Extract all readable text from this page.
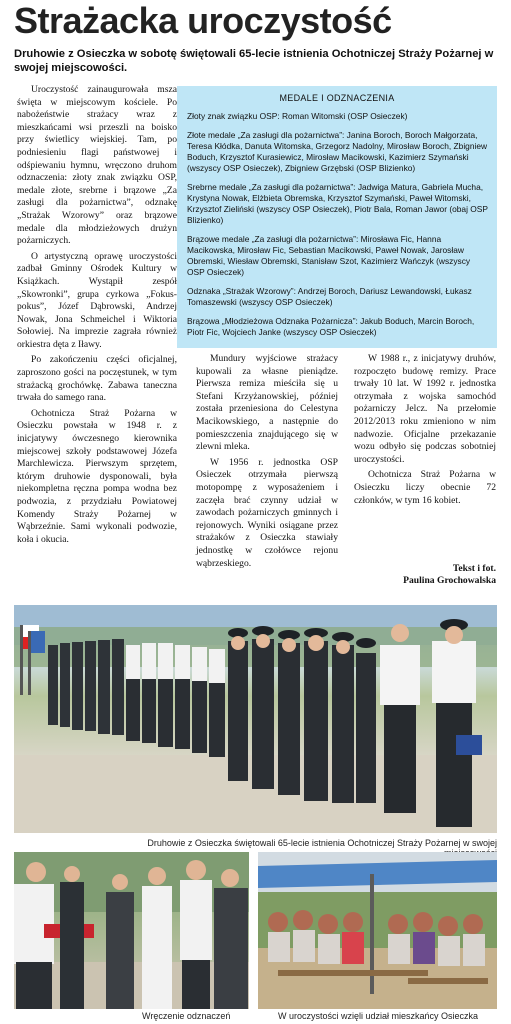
Strażacka uroczystość
Druhowie z Osieczka w sobotę świętowali 65-lecie istnienia Ochotniczej Straży Pożarnej w swojej miejscowości.

Uroczystość zainaugurowała msza święta w miejscowym kościele. Po nabożeństwie strażacy wraz z mieszkańcami wsi przeszli na boisko przy świetlicy wiejskiej. Tam, po podniesieniu flagi państwowej i odśpiewaniu hymnu, wręczono druhom odznaczenia: złoty znak związku OSP, medale złote, srebrne i brązowe „Za zasługi dla pożarnictwa”, odznakę „Strażak Wzorowy” oraz brązowe medale dla młodzieżowych drużyn pożarniczych.

O artystyczną oprawę uroczystości zadbał Gminny Ośrodek Kultury w Książkach. Wystąpił zespół „Skowronki”, grupa cyrkowa „Fokus-pokus”, Józef Dąbrowski, Andrzej Nowak, Jona Schmeichel i Wiktoria Sołowiej. Na imprezie zagrała również orkiestra dęta z Iławy.

Po zakończeniu części oficjalnej, zaproszono gości na poczęstunek, w tym strażacką grochówkę. Zabawa taneczna trwała do samego rana.

Ochotnicza Straż Pożarna w Osieczku powstała w 1948 r. z inicjatywy ówczesnego kierownika miejscowej szkoły podstawowej Józefa Marchlewicza. Pierwszym sprzętem, którym druhowie dysponowali, była niekompletna ręczna pompa wodna bez podwozia, z przydziału Powiatowej Komendy Straży Pożarnej w Wąbrzeźnie. Sami wykonali podwozie, koła i okucia.

MEDALE I ODZNACZENIA

Złoty znak związku OSP: Roman Witomski (OSP Osieczek)

Złote medale „Za zasługi dla pożarnictwa”: Janina Boroch, Boroch Małgorzata, Teresa Kłódka, Danuta Witomska, Grzegorz Nadolny, Mirosław Boroch, Zbigniew Boduch, Krzysztof Kurasiewicz, Mirosław Macikowski, Kazimierz Szymański (wszyscy OSP Osieczek), Zbigniew Grzębski (OSP Blizienko)

Srebrne medale „Za zasługi dla pożarnictwa”: Jadwiga Matura, Gabriela Mucha, Krystyna Nowak, Elżbieta Obremska, Krzysztof Szymański, Paweł Witomski, Krzysztof Zieliński (wszyscy OSP Osieczek), Piotr Bala, Roman Jawor (obaj OSP Blizienko)

Brązowe medale „Za zasługi dla pożarnictwa”: Mirosława Fic, Hanna Macikowska, Mirosław Fic, Sebastian Macikowski, Paweł Nowak, Jarosław Obremski, Wiesław Obremski, Stanisław Szot, Kazimierz Wańczyk (wszyscy OSP Osieczek)

Odznaka „Strażak Wzorowy”: Andrzej Boroch, Dariusz Lewandowski, Łukasz Tomaszewski (wszyscy OSP Osieczek)

Brązowa „Młodzieżowa Odznaka Pożarnicza”: Jakub Boduch, Marcin Boroch, Piotr Fic, Wojciech Janke (wszyscy OSP Osieczek)

Mundury wyjściowe strażacy kupowali za własne pieniądze. Pierwsza remiza mieściła się u Stefani Krzyżanowskiej, później została przeniesiona do Celestyna Macikowskiego, a następnie do pomieszczenia znajdującego się w zlewni mleka.

W 1956 r. jednostka OSP Osieczek otrzymała pierwszą motopompę z wyposażeniem i zaczęła brać czynny udział w zawodach pożarniczych gminnych i rejonowych. Wyniki osiągane przez strażaków z Osieczka stawiały jednostkę w czołówce rejonu wąbrzeskiego.

W 1988 r., z inicjatywy druhów, rozpoczęto budowę remizy. Prace trwały 10 lat. W 1992 r. jednostka otrzymała z wojska samochód pożarniczy Jelcz. Na przełomie 2012/2013 roku zmieniono w nim nadwozie. Oficjalne przekazanie wozu odbyło się podczas sobotniej uroczystości.

Ochotnicza Straż Pożarna w Osieczku liczy obecnie 72 członków, w tym 16 kobiet.

Tekst i fot.
Paulina Grochowalska
Druhowie z Osieczka świętowali 65-lecie istnienia Ochotniczej Straży Pożarnej w swojej
Wręczenie odznaczeń	W uroczystości wzięli udział mieszkańcy Osieczka
